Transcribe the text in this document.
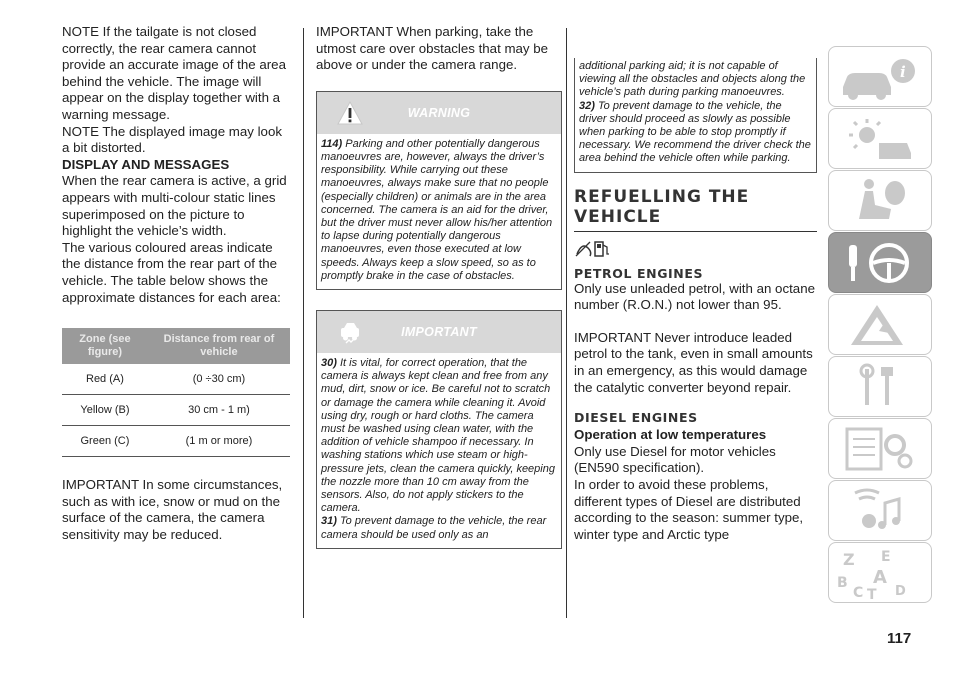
NOTE If the tailgate is not closed correctly, the rear camera cannot provide an accurate image of the area behind the vehicle. The image will appear on the display together with a warning message.

NOTE The displayed image may look a bit distorted.

DISPLAY AND MESSAGES

When the rear camera is active, a grid appears with multi-colour static lines superimposed on the picture to highlight the vehicle’s width.

The various coloured areas indicate the distance from the rear part of the vehicle. The table below shows the approximate distances for each area:

Zone (see figure)	Distance from rear of vehicle
Red (A)	(0 ÷30 cm)
Yellow (B)	30 cm - 1 m)
Green (C)	(1 m or more)

IMPORTANT In some circumstances, such as with ice, snow or mud on the surface of the camera, the camera sensitivity may be reduced.

IMPORTANT When parking, take the utmost care over obstacles that may be above or under the camera range.

WARNING

114) Parking and other potentially dangerous manoeuvres are, however, always the driver’s responsibility. While carrying out these manoeuvres, always make sure that no people (especially children) or animals are in the area concerned. The camera is an aid for the driver, but the driver must never allow his/her attention to lapse during potentially dangerous manoeuvres, even those executed at low speeds. Always keep a slow speed, so as to promptly brake in the case of obstacles.

IMPORTANT

30) It is vital, for correct operation, that the camera is always kept clean and free from any mud, dirt, snow or ice. Be careful not to scratch or damage the camera while cleaning it. Avoid using dry, rough or hard cloths. The camera must be washed using clean water, with the addition of vehicle shampoo if necessary. In washing stations which use steam or high-pressure jets, clean the camera quickly, keeping the nozzle more than 10 cm away from the sensors. Also, do not apply stickers to the camera.

31) To prevent damage to the vehicle, the rear camera should be used only as an

additional parking aid; it is not capable of viewing all the obstacles and objects along the vehicle’s path during parking manoeuvres.

32) To prevent damage to the vehicle, the driver should proceed as slowly as possible when parking to be able to stop promptly if necessary. We recommend the driver check the area behind the vehicle often while parking.

REFUELLING THE VEHICLE
PETROL ENGINES

Only use unleaded petrol, with an octane number (R.O.N.) not lower than 95.

IMPORTANT Never introduce leaded petrol to the tank, even in small amounts in an emergency, as this would damage the catalytic converter beyond repair.

DIESEL ENGINES
Operation at low temperatures

Only use Diesel for motor vehicles (EN590 specification).

In order to avoid these problems, different types of Diesel are distributed according to the season: summer type, winter type and Arctic type

i
Z E
B A
C T D
117
